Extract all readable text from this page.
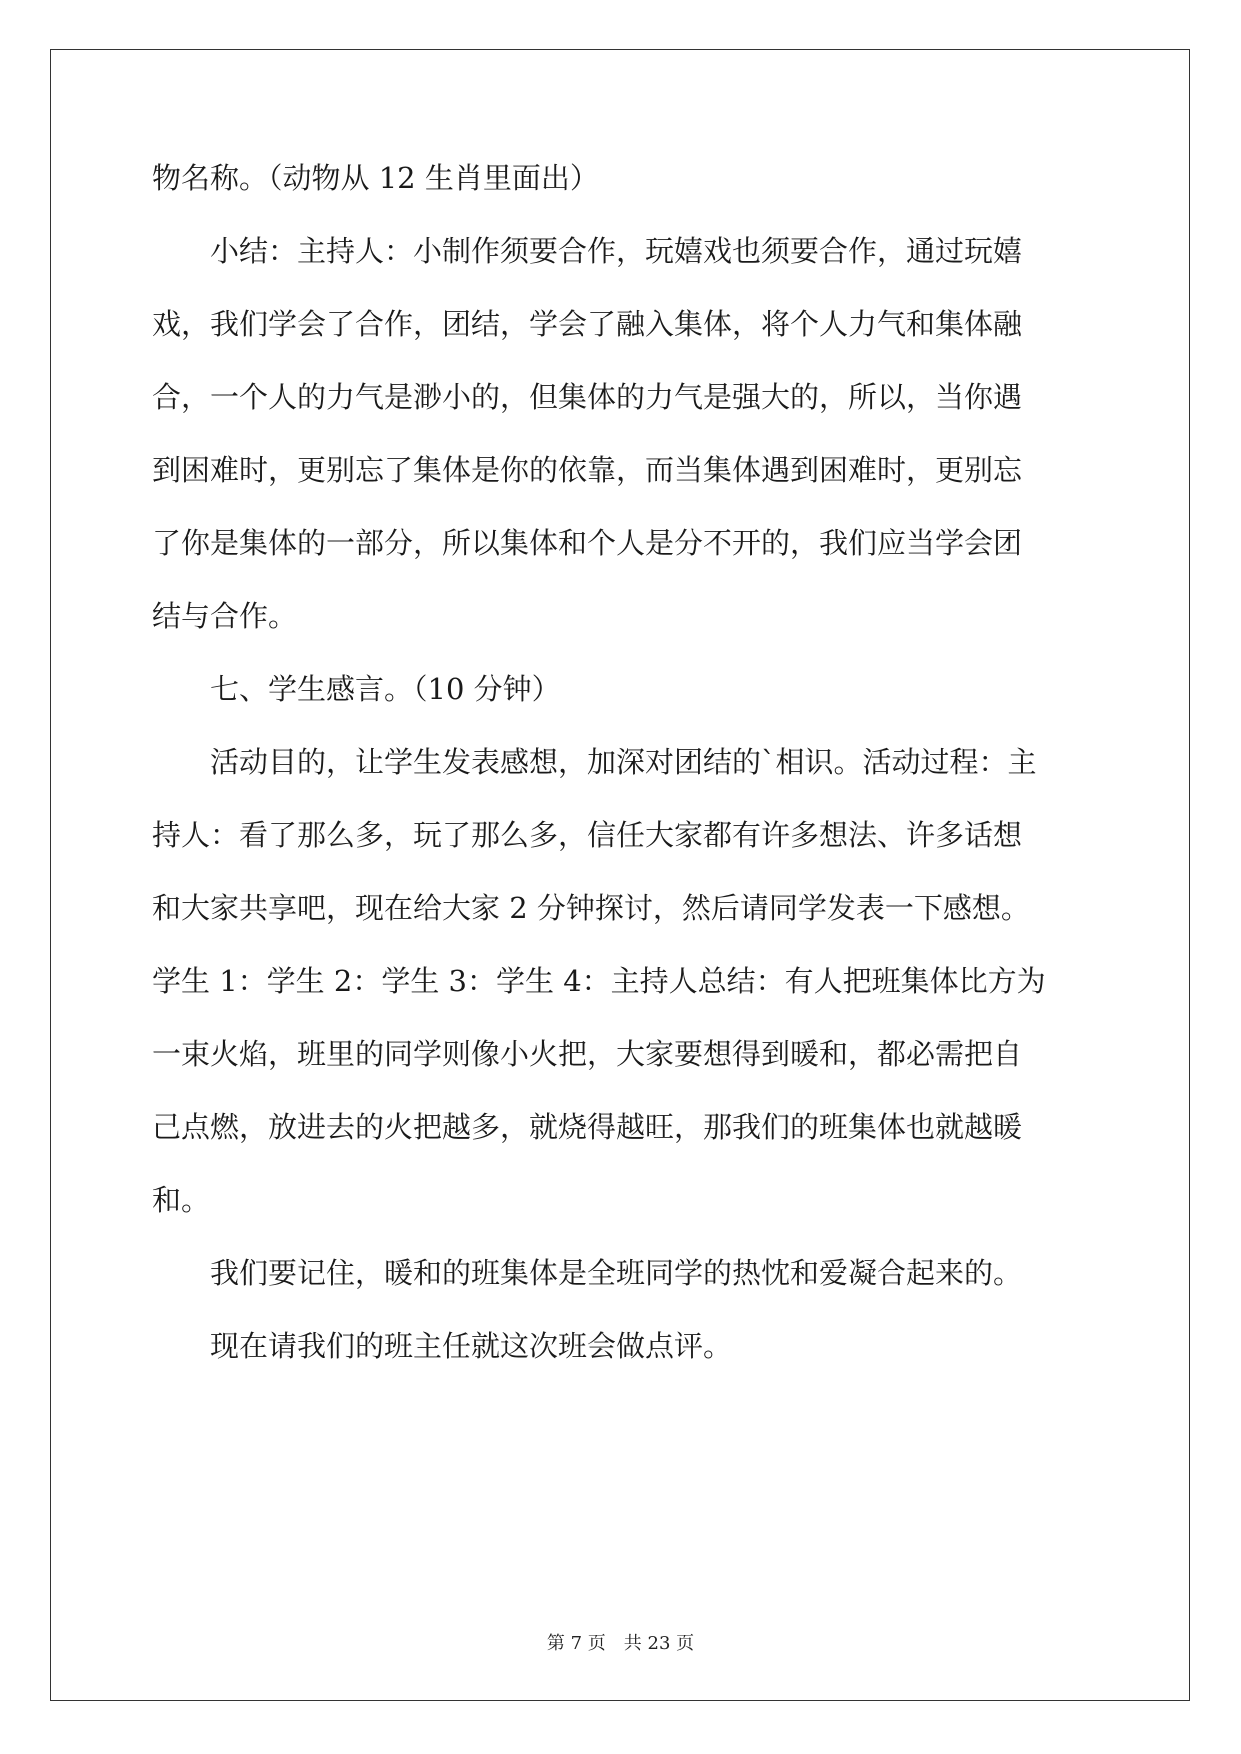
物名称。（动物从 12 生肖里面出）
小结：主持人：小制作须要合作，玩嬉戏也须要合作，通过玩嬉
戏，我们学会了合作，团结，学会了融入集体，将个人力气和集体融
合，一个人的力气是渺小的，但集体的力气是强大的，所以，当你遇
到困难时，更别忘了集体是你的依靠，而当集体遇到困难时，更别忘
了你是集体的一部分，所以集体和个人是分不开的，我们应当学会团
结与合作。
七、学生感言。（10 分钟）
活动目的，让学生发表感想，加深对团结的`相识。活动过程：主
持人：看了那么多，玩了那么多，信任大家都有许多想法、许多话想
和大家共享吧，现在给大家 2 分钟探讨，然后请同学发表一下感想。
学生 1：学生 2：学生 3：学生 4：主持人总结：有人把班集体比方为
一束火焰，班里的同学则像小火把，大家要想得到暖和，都必需把自
己点燃，放进去的火把越多，就烧得越旺，那我们的班集体也就越暖
和。
我们要记住，暖和的班集体是全班同学的热忱和爱凝合起来的。
现在请我们的班主任就这次班会做点评。
第 7 页　共 23 页
